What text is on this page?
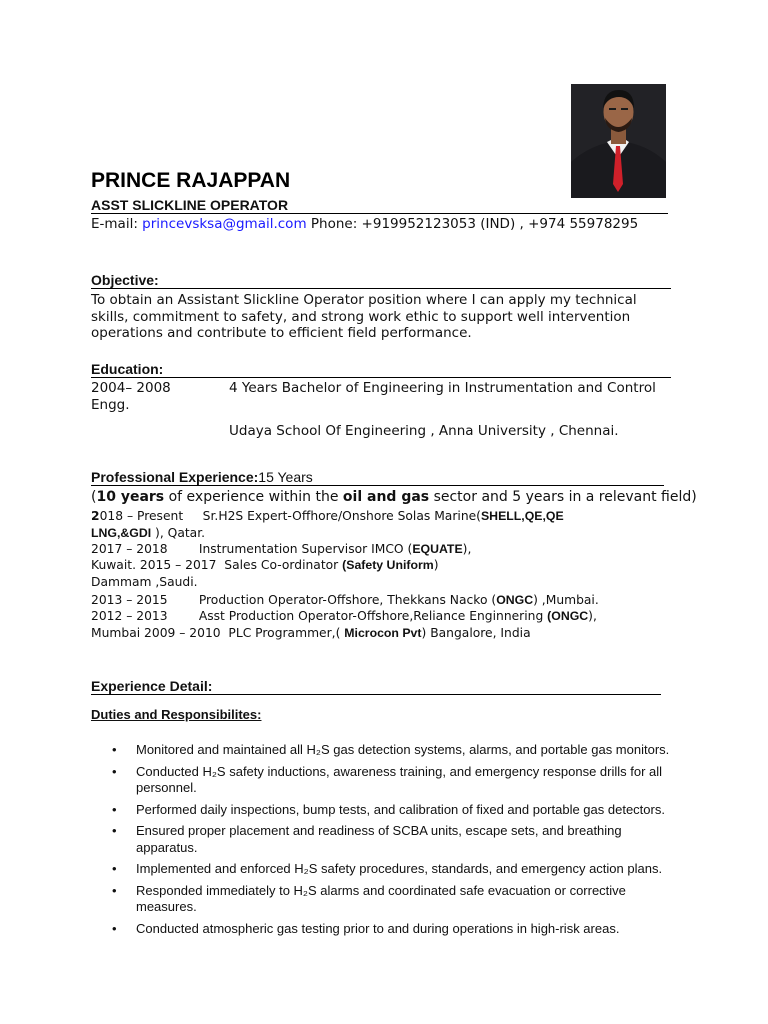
PRINCE RAJAPPAN
ASST SLICKLINE OPERATOR
E-mail: princevsksa@gmail.com Phone: +919952123053 (IND) , +974 55978295
Objective:
To obtain an Assistant Slickline Operator position where I can apply my technical skills, commitment to safety, and strong work ethic to support well intervention operations and contribute to efficient field performance.
Education:
2004– 2008	4 Years Bachelor of Engineering in Instrumentation and Control
Engg.
Udaya School Of Engineering , Anna University , Chennai.
Professional Experience:15 Years
(10 years of experience within the oil and gas sector and 5 years in a relevant field)
2018 – Present     Sr.H2S Expert-Offhore/Onshore Solas Marine(SHELL,QE,QE
LNG,&GDI ), Qatar.
2017 – 2018        Instrumentation Supervisor IMCO (EQUATE),
Kuwait. 2015 – 2017  Sales Co-ordinator (Safety Uniform)
Dammam ,Saudi.
2013 – 2015        Production Operator-Offshore, Thekkans Nacko (ONGC) ,Mumbai.
2012 – 2013        Asst Production Operator-Offshore,Reliance Enginnering (ONGC),
Mumbai 2009 – 2010  PLC Programmer,( Microcon Pvt) Bangalore, India
Experience Detail:
Duties and Responsibilites:
• Monitored and maintained all H₂S gas detection systems, alarms, and portable gas monitors.
• Conducted H₂S safety inductions, awareness training, and emergency response drills for all personnel.
• Performed daily inspections, bump tests, and calibration of fixed and portable gas detectors.
• Ensured proper placement and readiness of SCBA units, escape sets, and breathing apparatus.
• Implemented and enforced H₂S safety procedures, standards, and emergency action plans.
• Responded immediately to H₂S alarms and coordinated safe evacuation or corrective measures.
• Conducted atmospheric gas testing prior to and during operations in high-risk areas.
